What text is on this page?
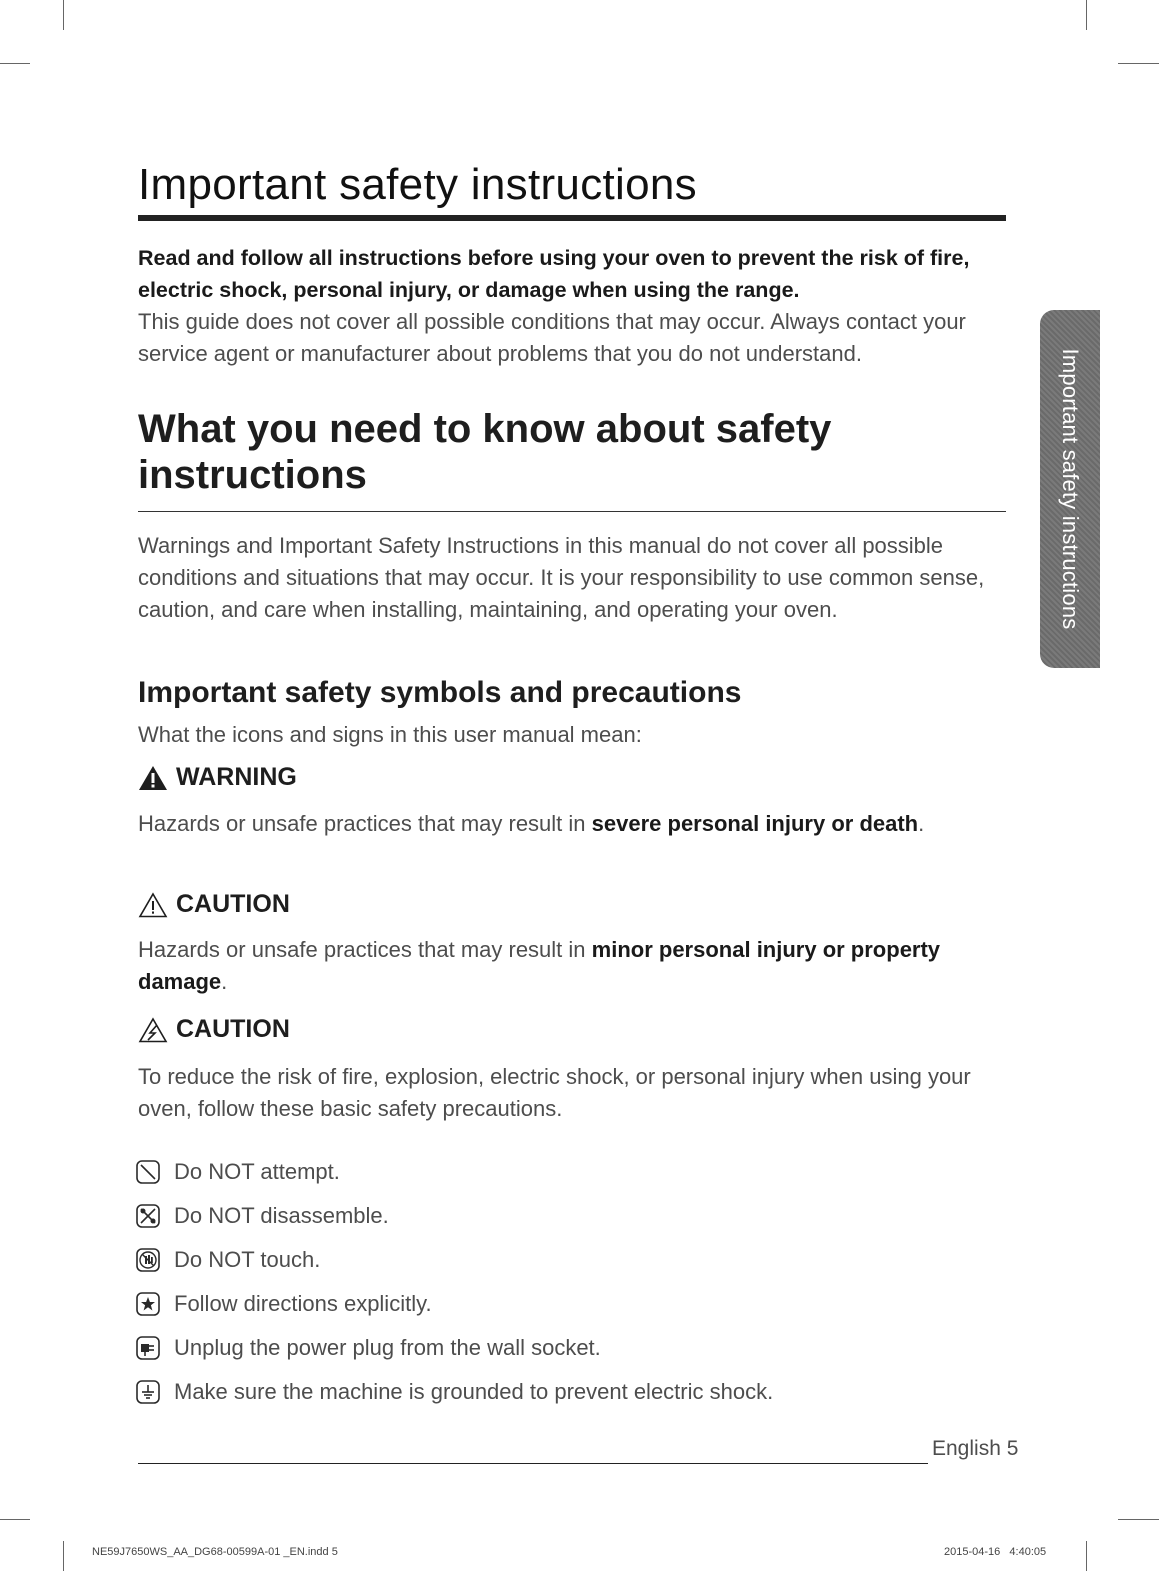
Important safety instructions

Read and follow all instructions before using your oven to prevent the risk of fire, electric shock, personal injury, or damage when using the range.

This guide does not cover all possible conditions that may occur. Always contact your service agent or manufacturer about problems that you do not understand.

What you need to know about safety instructions

Warnings and Important Safety Instructions in this manual do not cover all possible conditions and situations that may occur. It is your responsibility to use common sense, caution, and care when installing, maintaining, and operating your oven.

Important safety symbols and precautions

What the icons and signs in this user manual mean:

WARNING

Hazards or unsafe practices that may result in severe personal injury or death.

CAUTION

Hazards or unsafe practices that may result in minor personal injury or property damage.

CAUTION

To reduce the risk of fire, explosion, electric shock, or personal injury when using your oven, follow these basic safety precautions.

Do NOT attempt.
Do NOT disassemble.
Do NOT touch.
Follow directions explicitly.
Unplug the power plug from the wall socket.
Make sure the machine is grounded to prevent electric shock.
Important safety instructions
English 5
NE59J7650WS_AA_DG68-00599A-01 _EN.indd 5	2015-04-16   4:40:05
